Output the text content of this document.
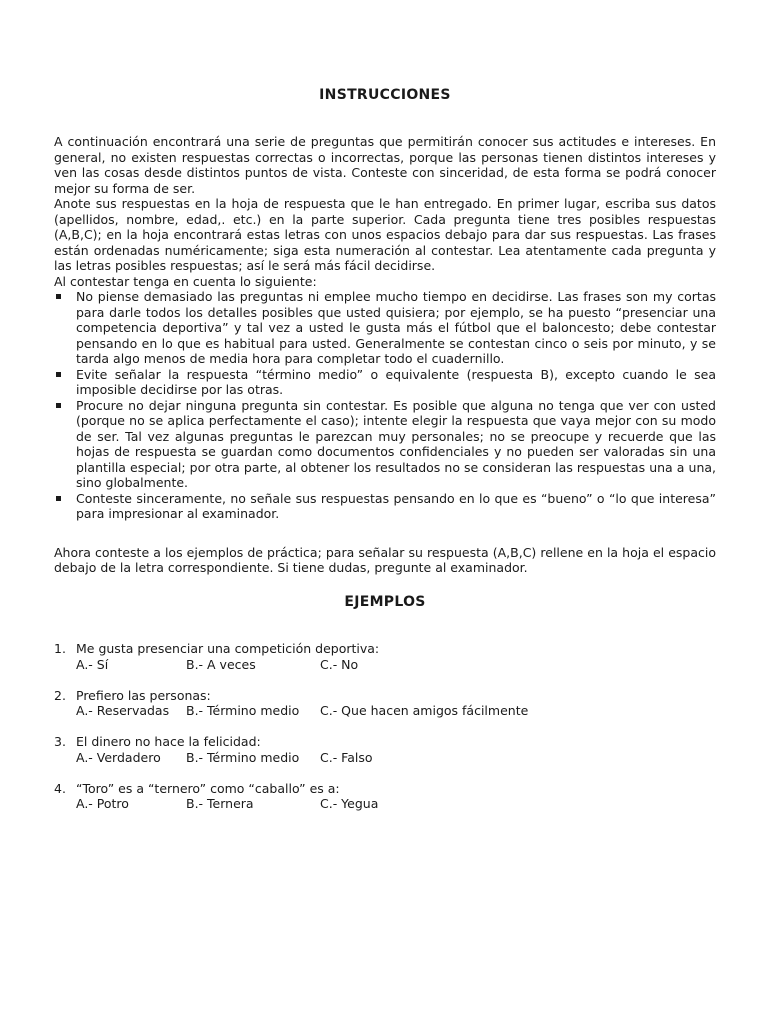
INSTRUCCIONES

A continuación encontrará una serie de preguntas que permitirán conocer sus actitudes e intereses. En general, no existen respuestas correctas o incorrectas, porque las personas tienen distintos intereses y ven las cosas desde distintos puntos de vista. Conteste con sinceridad, de esta forma se podrá conocer mejor su forma de ser.

Anote sus respuestas en la hoja de respuesta que le han entregado. En primer lugar, escriba sus datos (apellidos, nombre, edad,. etc.) en la parte superior. Cada pregunta tiene tres posibles respuestas (A,B,C); en la hoja encontrará estas letras con unos espacios debajo para dar sus respuestas. Las frases están ordenadas numéricamente; siga esta numeración al contestar. Lea atentamente cada pregunta y las letras posibles respuestas; así le será más fácil decidirse.

Al contestar tenga en cuenta lo siguiente:

No piense demasiado las preguntas ni emplee mucho tiempo en decidirse. Las frases son my cortas para darle todos los detalles posibles que usted quisiera; por ejemplo, se ha puesto “presenciar una competencia deportiva” y tal vez a usted le gusta más el fútbol que el baloncesto; debe contestar pensando en lo que es habitual para usted. Generalmente se contestan cinco o seis por minuto, y se tarda algo menos de media hora para completar todo el cuadernillo.
Evite señalar la respuesta “término medio” o equivalente (respuesta B), excepto cuando le sea imposible decidirse por las otras.
Procure no dejar ninguna pregunta sin contestar. Es posible que alguna no tenga que ver con usted (porque no se aplica perfectamente el caso); intente elegir la respuesta que vaya mejor con su modo de ser. Tal vez algunas preguntas le parezcan muy personales; no se preocupe y recuerde que las hojas de respuesta se guardan como documentos confidenciales y no pueden ser valoradas sin una plantilla especial; por otra parte, al obtener los resultados no se consideran las respuestas una a una, sino globalmente.
Conteste sinceramente, no señale sus respuestas pensando en lo que es “bueno” o “lo que interesa” para impresionar al examinador.

Ahora conteste a los ejemplos de práctica; para señalar su respuesta (A,B,C) rellene en la hoja el espacio debajo de la letra correspondiente. Si tiene dudas, pregunte al examinador.

EJEMPLOS
1. Me gusta presenciar una competición deportiva:
A.- Sí	B.- A veces	C.- No
2. Prefiero las personas:
A.- Reservadas B.- Término medio C.- Que hacen amigos fácilmente
3. El dinero no hace la felicidad:
A.- Verdadero B.- Término medio C.- Falso
4. “Toro” es a “ternero” como “caballo” es a:
A.- Potro	B.- Ternera	C.- Yegua
